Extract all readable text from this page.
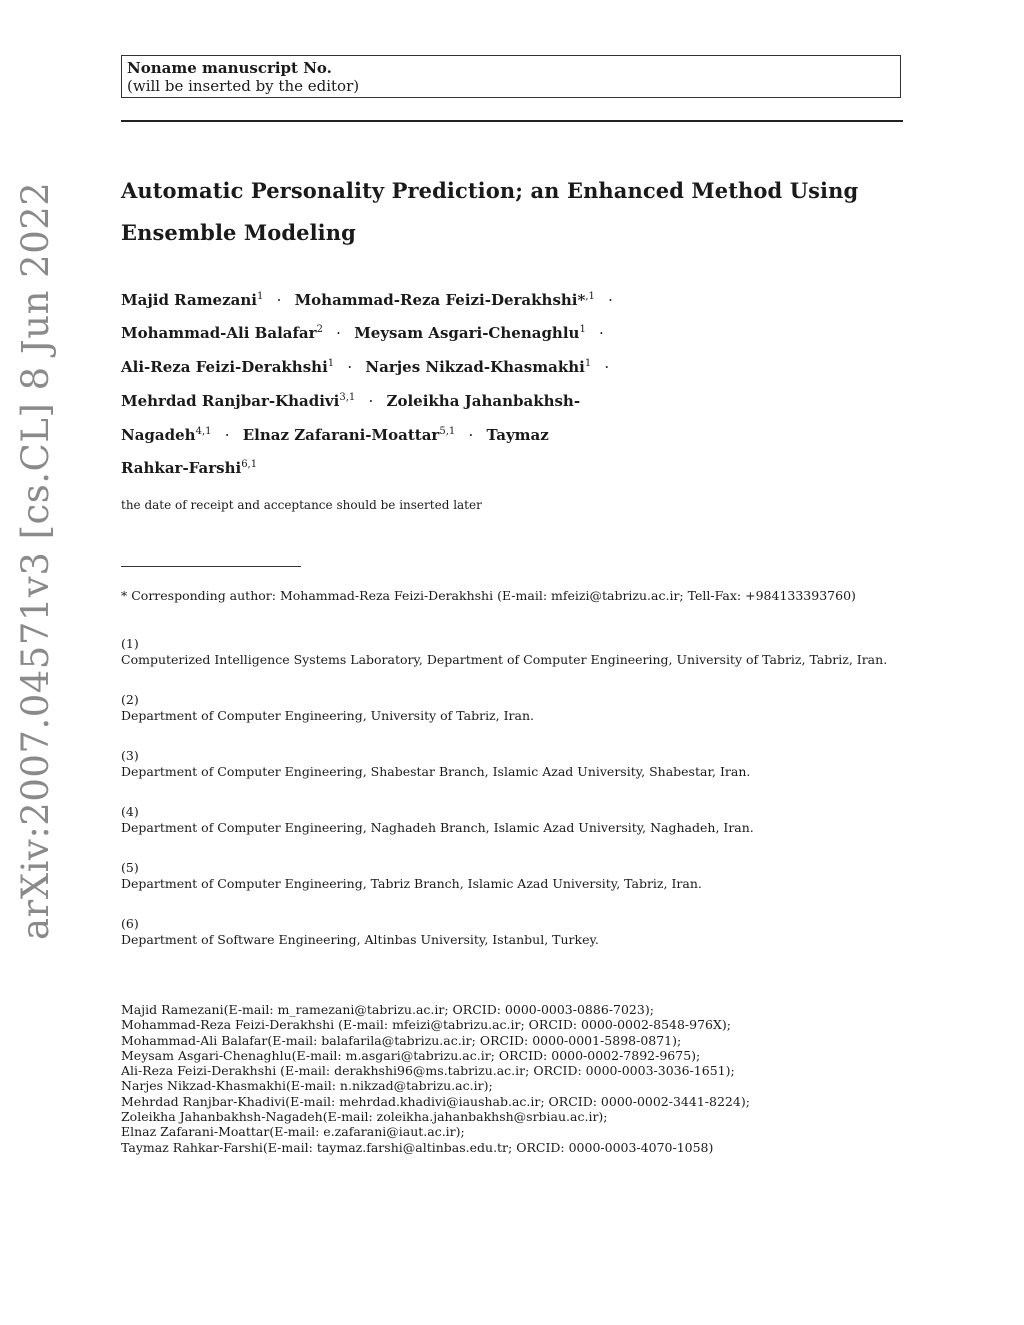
arXiv:2007.04571v3 [cs.CL] 8 Jun 2022
Noname manuscript No.
(will be inserted by the editor)
Automatic Personality Prediction; an Enhanced Method Using Ensemble Modeling
Majid Ramezani$^1$ · Mohammad-Reza Feizi-Derakhshi*$^{,1}$ ·
Mohammad-Ali Balafar$^2$ · Meysam Asgari-Chenaghlu$^1$ ·
Ali-Reza Feizi-Derakhshi$^1$ · Narjes Nikzad-Khasmakhi$^1$ ·
Mehrdad Ranjbar-Khadivi$^{3,1}$ · Zoleikha Jahanbakhsh-
Nagadeh$^{4,1}$ · Elnaz Zafarani-Moattar$^{5,1}$ · Taymaz
Rahkar-Farshi$^{6,1}$
the date of receipt and acceptance should be inserted later
* Corresponding author: Mohammad-Reza Feizi-Derakhshi (E-mail: mfeizi@tabrizu.ac.ir; Tell-Fax: +984133393760)
(1)
Computerized Intelligence Systems Laboratory, Department of Computer Engineering, University of Tabriz, Tabriz, Iran.
(2)
Department of Computer Engineering, University of Tabriz, Iran.
(3)
Department of Computer Engineering, Shabestar Branch, Islamic Azad University, Shabestar, Iran.
(4)
Department of Computer Engineering, Naghadeh Branch, Islamic Azad University, Naghadeh, Iran.
(5)
Department of Computer Engineering, Tabriz Branch, Islamic Azad University, Tabriz, Iran.
(6)
Department of Software Engineering, Altinbas University, Istanbul, Turkey.
Majid Ramezani(E-mail: m_ramezani@tabrizu.ac.ir; ORCID: 0000-0003-0886-7023);
Mohammad-Reza Feizi-Derakhshi (E-mail: mfeizi@tabrizu.ac.ir; ORCID: 0000-0002-8548-976X);
Mohammad-Ali Balafar(E-mail: balafarila@tabrizu.ac.ir; ORCID: 0000-0001-5898-0871);
Meysam Asgari-Chenaghlu(E-mail: m.asgari@tabrizu.ac.ir; ORCID: 0000-0002-7892-9675);
Ali-Reza Feizi-Derakhshi (E-mail: derakhshi96@ms.tabrizu.ac.ir; ORCID: 0000-0003-3036-1651);
Narjes Nikzad-Khasmakhi(E-mail: n.nikzad@tabrizu.ac.ir);
Mehrdad Ranjbar-Khadivi(E-mail: mehrdad.khadivi@iaushab.ac.ir; ORCID: 0000-0002-3441-8224);
Zoleikha Jahanbakhsh-Nagadeh(E-mail: zoleikha.jahanbakhsh@srbiau.ac.ir);
Elnaz Zafarani-Moattar(E-mail: e.zafarani@iaut.ac.ir);
Taymaz Rahkar-Farshi(E-mail: taymaz.farshi@altinbas.edu.tr; ORCID: 0000-0003-4070-1058)
